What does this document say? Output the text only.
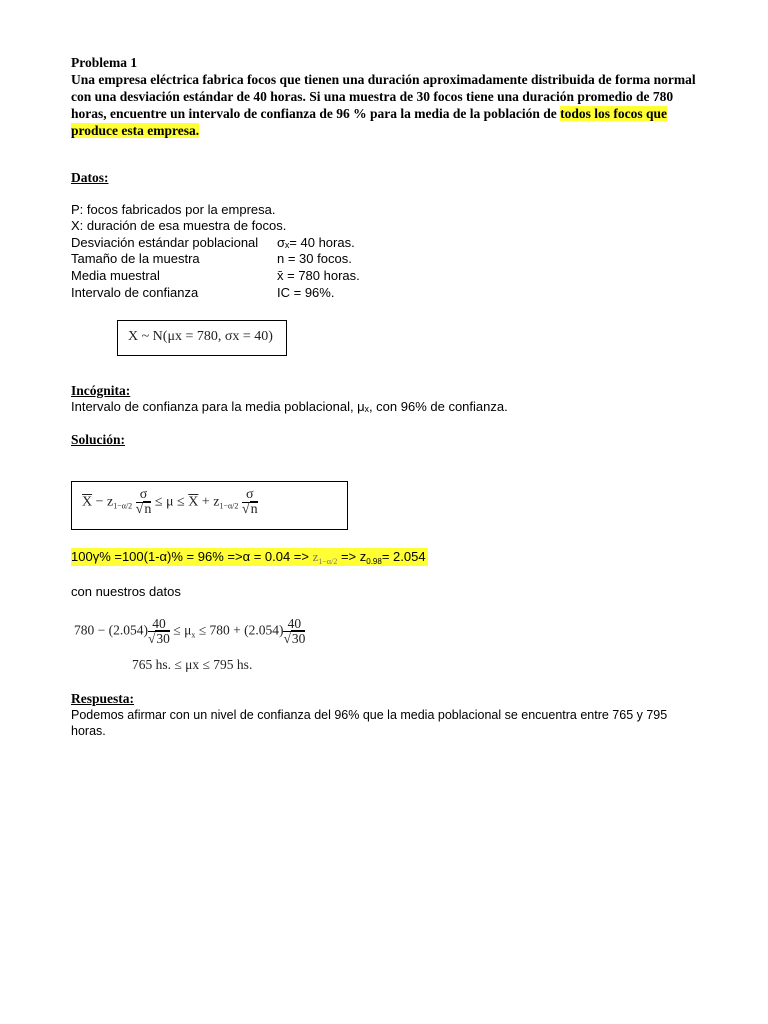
Problema 1
Una empresa eléctrica fabrica focos que tienen una duración aproximadamente distribuida de forma normal con una desviación estándar de 40 horas. Si una muestra de 30 focos tiene una duración promedio de 780 horas, encuentre un intervalo de confianza de 96 % para la media de la población de todos los focos que produce esta empresa.
Datos:
P: focos fabricados por la empresa.
X: duración de esa muestra de focos.
Desviación estándar poblacional σₓ= 40 horas.
Tamaño de la muestra	n = 30 focos.
Media muestral	x̄ = 780 horas.
Intervalo de confianza	IC = 96%.
X ~ N(μx = 780, σx = 40)
Incógnita:
Intervalo de confianza para la media poblacional, μₓ, con 96% de confianza.
Solución:
$\overline{X} - z_{1-\alpha/2} \frac{\sigma}{√n} \le \mu \le \overline{X} + z_{1-\alpha/2} \frac{\sigma}{√n}$
$100\gamma\% =100(1-\alpha)\% = 96\% =>\alpha = 0.04 => z_{1-\alpha/2} => z_{0.98}= 2.054$
con nuestros datos
$780 - (2.054) \frac{40}{√30} \le \mu_x \le 780 + (2.054) \frac{40}{√30}$
765 hs. ≤ μx ≤ 795 hs.
Respuesta:
Podemos afirmar con un nivel de confianza del 96% que la media poblacional se encuentra entre 765 y 795 horas.
